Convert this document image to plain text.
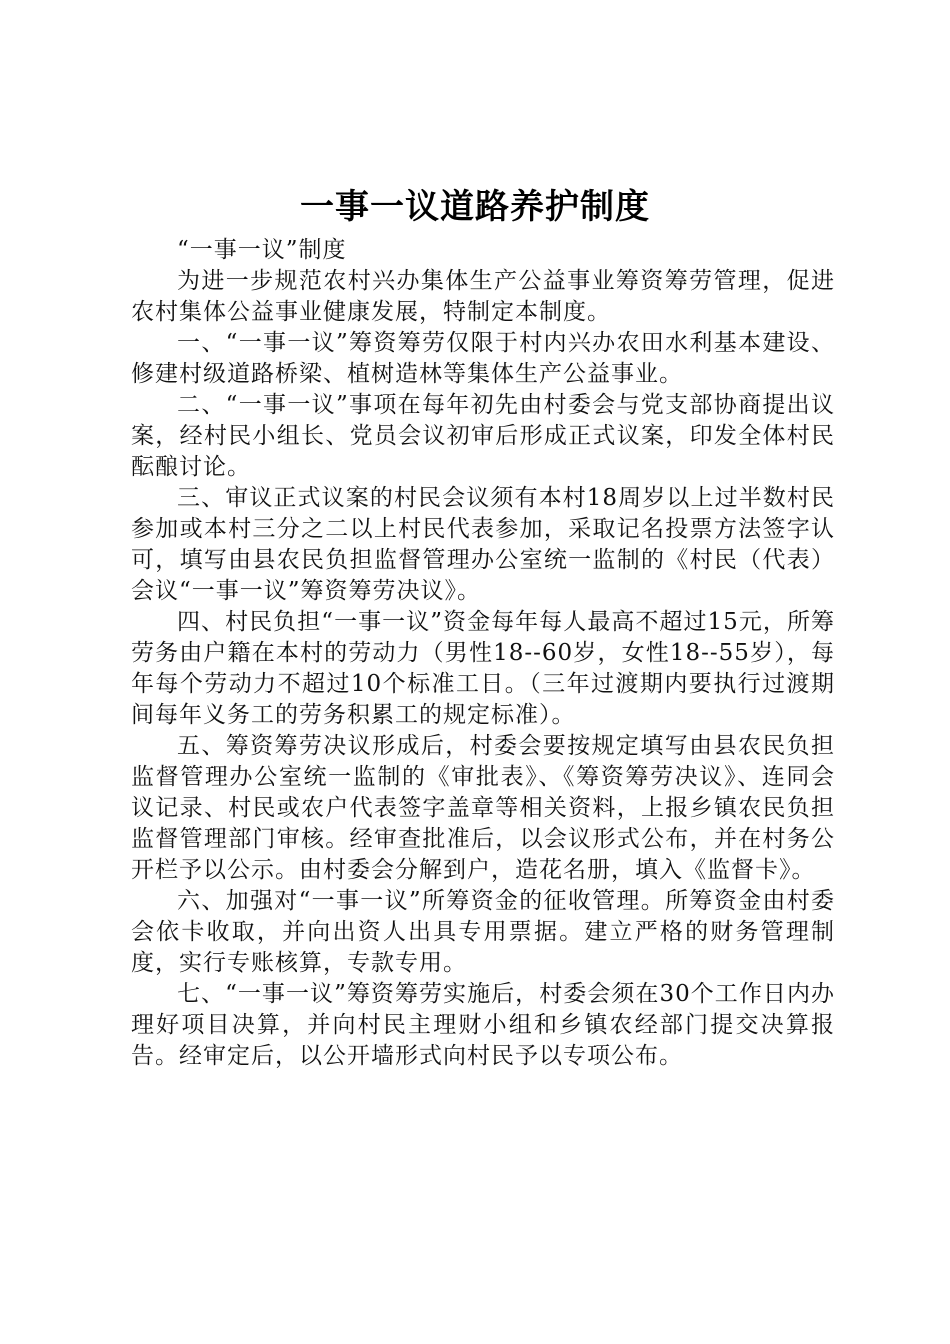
一事一议道路养护制度

“一事一议”制度

为进一步规范农村兴办集体生产公益事业筹资筹劳管理，促进农村集体公益事业健康发展，特制定本制度。

一、“一事一议”筹资筹劳仅限于村内兴办农田水利基本建设、修建村级道路桥梁、植树造林等集体生产公益事业。

二、“一事一议”事项在每年初先由村委会与党支部协商提出议案，经村民小组长、党员会议初审后形成正式议案，印发全体村民酝酿讨论。

三、审议正式议案的村民会议须有本村18周岁以上过半数村民参加或本村三分之二以上村民代表参加，采取记名投票方法签字认可，填写由县农民负担监督管理办公室统一监制的《村民（代表）会议“一事一议”筹资筹劳决议》。

四、村民负担“一事一议”资金每年每人最高不超过15元，所筹劳务由户籍在本村的劳动力（男性18--60岁，女性18--55岁），每年每个劳动力不超过10个标准工日。（三年过渡期内要执行过渡期间每年义务工的劳务积累工的规定标准）。

五、筹资筹劳决议形成后，村委会要按规定填写由县农民负担监督管理办公室统一监制的《审批表》、《筹资筹劳决议》、连同会议记录、村民或农户代表签字盖章等相关资料，上报乡镇农民负担监督管理部门审核。经审查批准后，以会议形式公布，并在村务公开栏予以公示。由村委会分解到户，造花名册，填入《监督卡》。

六、加强对“一事一议”所筹资金的征收管理。所筹资金由村委会依卡收取，并向出资人出具专用票据。建立严格的财务管理制度，实行专账核算，专款专用。

七、“一事一议”筹资筹劳实施后，村委会须在30个工作日内办理好项目决算，并向村民主理财小组和乡镇农经部门提交决算报告。经审定后，以公开墙形式向村民予以专项公布。
